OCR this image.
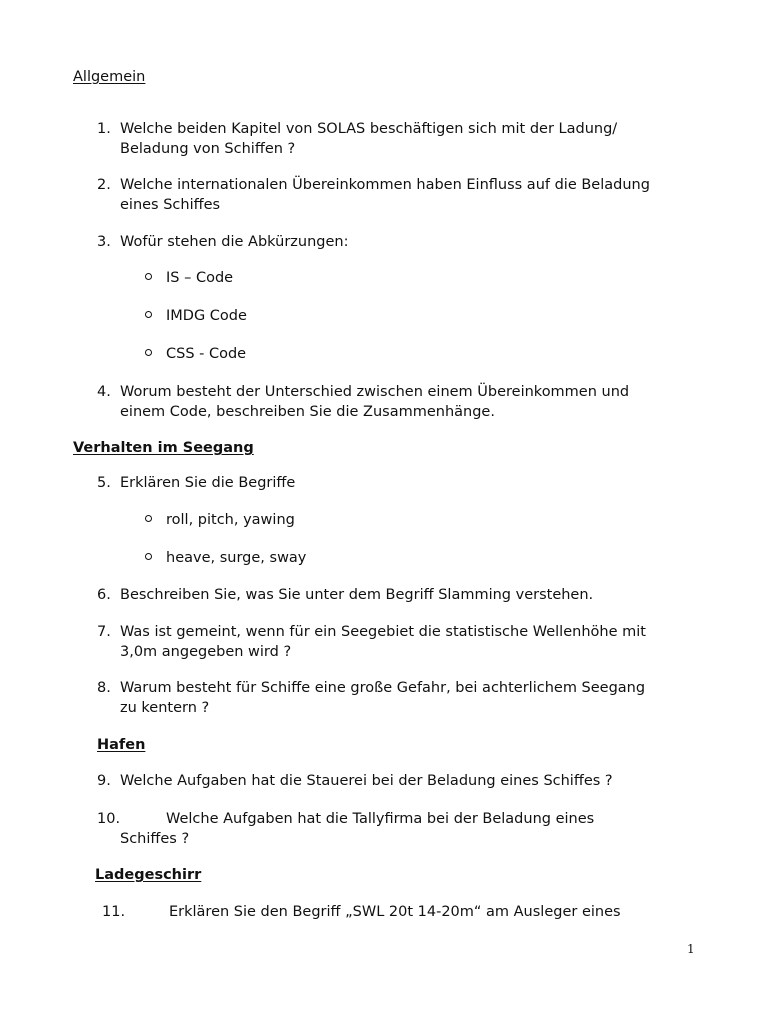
Allgemein
1. Welche beiden Kapitel von SOLAS beschäftigen sich mit der Ladung/
Beladung von Schiffen ?
2. Welche internationalen Übereinkommen haben Einfluss auf die Beladung
eines Schiffes
3. Wofür stehen die Abkürzungen:
IS – Code
IMDG Code
CSS - Code
4. Worum besteht der Unterschied zwischen einem Übereinkommen und
einem Code, beschreiben Sie die Zusammenhänge.
Verhalten im Seegang
5. Erklären Sie die Begriffe
roll, pitch, yawing
heave, surge, sway
6. Beschreiben Sie, was Sie unter dem Begriff Slamming verstehen.
7. Was ist gemeint, wenn für ein Seegebiet die statistische Wellenhöhe mit
3,0m angegeben wird ?
8. Warum besteht für Schiffe eine große Gefahr, bei achterlichem Seegang
zu kentern ?
Hafen
9. Welche Aufgaben hat die Stauerei bei der Beladung eines Schiffes ?
10.	Welche Aufgaben hat die Tallyfirma bei der Beladung eines
Schiffes ?
Ladegeschirr
11.	Erklären Sie den Begriff „SWL 20t 14-20m“ am Ausleger eines
1
